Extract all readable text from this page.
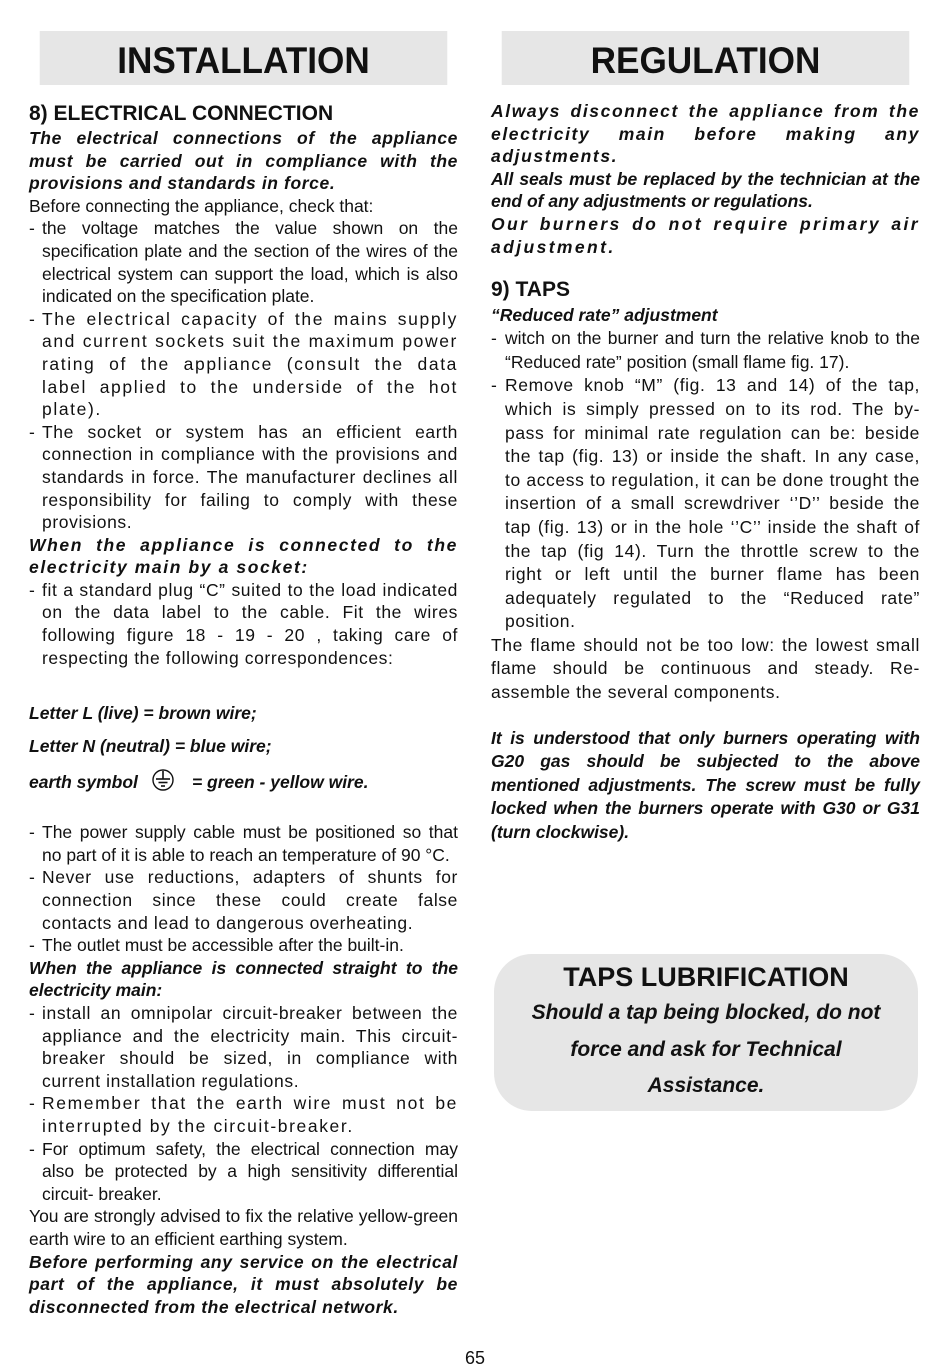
INSTALLATION
8) ELECTRICAL CONNECTION

The electrical connections of the appliance must be carried out in compliance with the provisions and standards in force.

Before connecting the appliance, check that:

- the voltage matches the value shown on the specification plate and the section of the wires of the electrical system can support the load, which is also indicated on the specification plate.

- The electrical capacity of the mains supply and current sockets suit the maximum power rating of the appliance (consult the data label applied to the underside of the hot plate).

- The socket or system has an efficient earth connection in compliance with the provisions and standards in force. The manufacturer declines all responsibility for failing to comply with these provisions.

When the appliance is connected to the electricity main by a socket:

- fit a standard plug “C” suited to the load indicated on the data label to the cable. Fit the wires following figure 18 - 19 - 20 , taking care of respecting the following correspondences:

Letter L (live) = brown wire;

Letter N (neutral) = blue wire;

earth symbol	= green - yellow wire.

- The power supply cable must be positioned so that no part of it is able to reach an temperature of 90 °C.

- Never use reductions, adapters of shunts for connection since these could create false contacts and lead to dangerous overheating.

- The outlet must be accessible after the built-in.

When the appliance is connected straight to the electricity main:

- install an omnipolar circuit-breaker between the appliance and the electricity main. This circuit-breaker should be sized, in compliance with current installation regulations.

- Remember that the earth wire must not be interrupted by the circuit-breaker.

- For optimum safety, the electrical connection may also be protected by a high sensitivity differential circuit- breaker.

You are strongly advised to fix the relative yellow-green earth wire to an efficient earthing system.

Before performing any service on the electrical part of the appliance, it must absolutely be disconnected from the electrical network.

REGULATION

Always disconnect the appliance from the electricity main before making any adjustments.

All seals must be replaced by the technician at the end of any adjustments or regulations.

Our burners do not require primary air adjustment.

9) TAPS

“Reduced rate” adjustment

- witch on the burner and turn the relative knob to the “Reduced rate” position (small flame fig. 17).

- Remove knob “M” (fig. 13 and 14) of the tap, which is simply pressed on to its rod. The by-pass for minimal rate regulation can be: beside the tap (fig. 13) or inside the shaft. In any case, to access to regulation, it can be done trought the insertion of a small screwdriver ‘’D’’ beside the tap (fig. 13) or in the hole ‘’C’’ inside the shaft of the tap (fig 14). Turn the throttle screw to the right or left until the burner flame has been adequately regulated to the “Reduced rate” position.

The flame should not be too low: the lowest small flame should be continuous and steady. Re-assemble the several components.

It is understood that only burners operating with G20 gas should be subjected to the above mentioned adjustments. The screw must be fully locked when the burners operate with G30 or G31 (turn clockwise).

TAPS LUBRIFICATION
Should a tap being blocked, do not
force and ask for Technical
Assistance.
65
